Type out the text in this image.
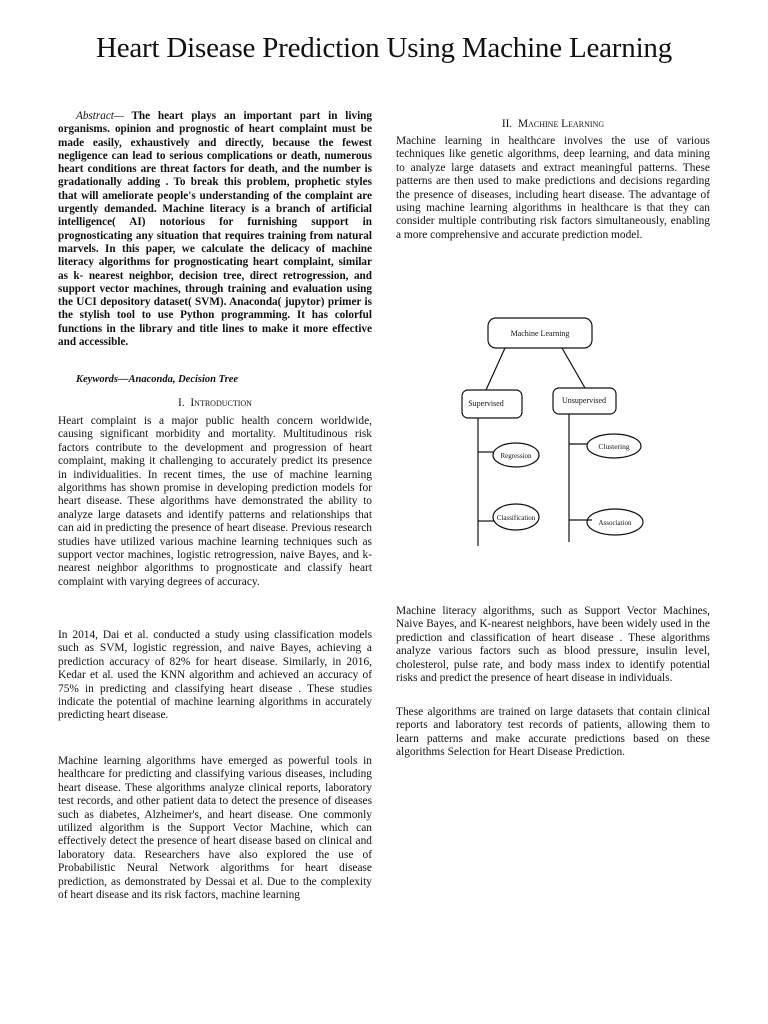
Heart Disease Prediction Using Machine Learning

Abstract— The heart plays an important part in living organisms. opinion and prognostic of heart complaint must be made easily, exhaustively and directly, because the fewest negligence can lead to serious complications or death, numerous heart conditions are threat factors for death, and the number is gradationally adding . To break this problem, prophetic styles that will ameliorate people's understanding of the complaint are urgently demanded. Machine literacy is a branch of artificial intelligence( AI) notorious for furnishing support in prognosticating any situation that requires training from natural marvels. In this paper, we calculate the delicacy of machine literacy algorithms for prognosticating heart complaint, similar as k- nearest neighbor, decision tree, direct retrogression, and support vector machines, through training and evaluation using the UCI depository dataset( SVM). Anaconda( jupytor) primer is the stylish tool to use Python programming. It has colorful functions in the library and title lines to make it more effective and accessible.

Keywords—Anaconda, Decision Tree
I. Introduction
Heart complaint is a major public health concern worldwide, causing significant morbidity and mortality. Multitudinous risk factors contribute to the development and progression of heart complaint, making it challenging to accurately predict its presence in individualities. In recent times, the use of machine learning algorithms has shown promise in developing prediction models for heart disease. These algorithms have demonstrated the ability to analyze large datasets and identify patterns and relationships that can aid in predicting the presence of heart disease. Previous research studies have utilized various machine learning techniques such as support vector machines, logistic retrogression, naive Bayes, and k-nearest neighbor algorithms to prognosticate and classify heart complaint with varying degrees of accuracy.
In 2014, Dai et al. conducted a study using classification models such as SVM, logistic regression, and naive Bayes, achieving a prediction accuracy of 82% for heart disease. Similarly, in 2016, Kedar et al. used the KNN algorithm and achieved an accuracy of 75% in predicting and classifying heart disease . These studies indicate the potential of machine learning algorithms in accurately predicting heart disease.
Machine learning algorithms have emerged as powerful tools in healthcare for predicting and classifying various diseases, including heart disease. These algorithms analyze clinical reports, laboratory test records, and other patient data to detect the presence of diseases such as diabetes, Alzheimer's, and heart disease. One commonly utilized algorithm is the Support Vector Machine, which can effectively detect the presence of heart disease based on clinical and laboratory data. Researchers have also explored the use of Probabilistic Neural Network algorithms for heart disease prediction, as demonstrated by Dessai et al. Due to the complexity of heart disease and its risk factors, machine learning
II. Machine Learning
Machine learning in healthcare involves the use of various techniques like genetic algorithms, deep learning, and data mining to analyze large datasets and extract meaningful patterns. These patterns are then used to make predictions and decisions regarding the presence of diseases, including heart disease. The advantage of using machine learning algorithms in healthcare is that they can consider multiple contributing risk factors simultaneously, enabling a more comprehensive and accurate prediction model.
Machine Learning
Supervised	Unsupervised
Regression
Classification
Clustering
Association
Machine literacy algorithms, such as Support Vector Machines, Naive Bayes, and K-nearest neighbors, have been widely used in the prediction and classification of heart disease . These algorithms analyze various factors such as blood pressure, insulin level, cholesterol, pulse rate, and body mass index to identify potential risks and predict the presence of heart disease in individuals.
These algorithms are trained on large datasets that contain clinical reports and laboratory test records of patients, allowing them to learn patterns and make accurate predictions based on these algorithms Selection for Heart Disease Prediction.
